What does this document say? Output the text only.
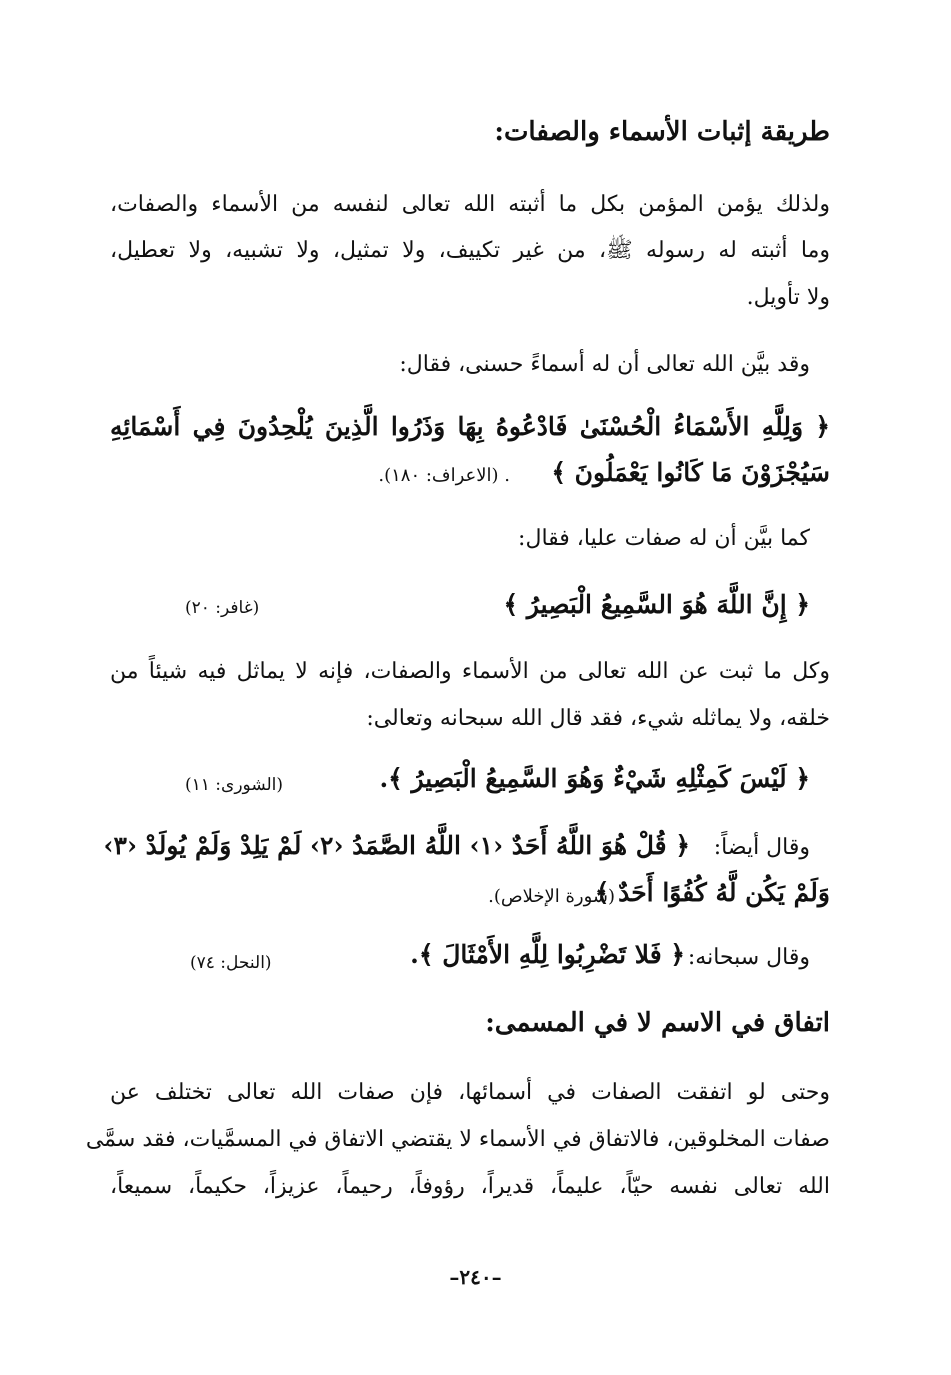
طريقة إثبات الأسماء والصفات:
ولذلك يؤمن المؤمن بكل ما أثبته الله تعالى لنفسه من الأسماء والصفات،
وما أثبته له رسوله ﷺ، من غير تكييف، ولا تمثيل، ولا تشبيه، ولا تعطيل،
ولا تأويل.
وقد بيَّن الله تعالى أن له أسماءً حسنى، فقال:
﴿ وَلِلَّهِ الأَسْمَاءُ الْحُسْنَىٰ فَادْعُوهُ بِهَا وَذَرُوا الَّذِينَ يُلْحِدُونَ فِي أَسْمَائِهِ
سَيُجْزَوْنَ مَا كَانُوا يَعْمَلُونَ ﴾
. (الاعراف: ١٨٠).
كما بيَّن أن له صفات عليا، فقال:
﴿ إِنَّ اللَّهَ هُوَ السَّمِيعُ الْبَصِيرُ ﴾
(غافر: ٢٠)
وكل ما ثبت عن الله تعالى من الأسماء والصفات، فإنه لا يماثل فيه شيئاً من
خلقه، ولا يماثله شيء، فقد قال الله سبحانه وتعالى:
﴿ لَيْسَ كَمِثْلِهِ شَيْءٌ وَهُوَ السَّمِيعُ الْبَصِيرُ ﴾.
(الشورى: ١١)
وقال أيضاً:
﴿ قُلْ هُوَ اللَّهُ أَحَدٌ ‹١› اللَّهُ الصَّمَدُ ‹٢› لَمْ يَلِدْ وَلَمْ يُولَدْ ‹٣›
وَلَمْ يَكُن لَّهُ كُفُوًا أَحَدٌ ﴾
(سورة الإخلاص).
وقال سبحانه:
﴿ فَلا تَضْرِبُوا لِلَّهِ الأَمْثَالَ ﴾.
(النحل: ٧٤)
اتفاق في الاسم لا في المسمى:
وحتى لو اتفقت الصفات في أسمائها، فإن صفات الله تعالى تختلف عن
صفات المخلوقين، فالاتفاق في الأسماء لا يقتضي الاتفاق في المسمَّيات، فقد سمَّى
الله تعالى نفسه حيّاً، عليماً، قديراً، رؤوفاً، رحيماً، عزيزاً، حكيماً، سميعاً،
–٢٤٠–
